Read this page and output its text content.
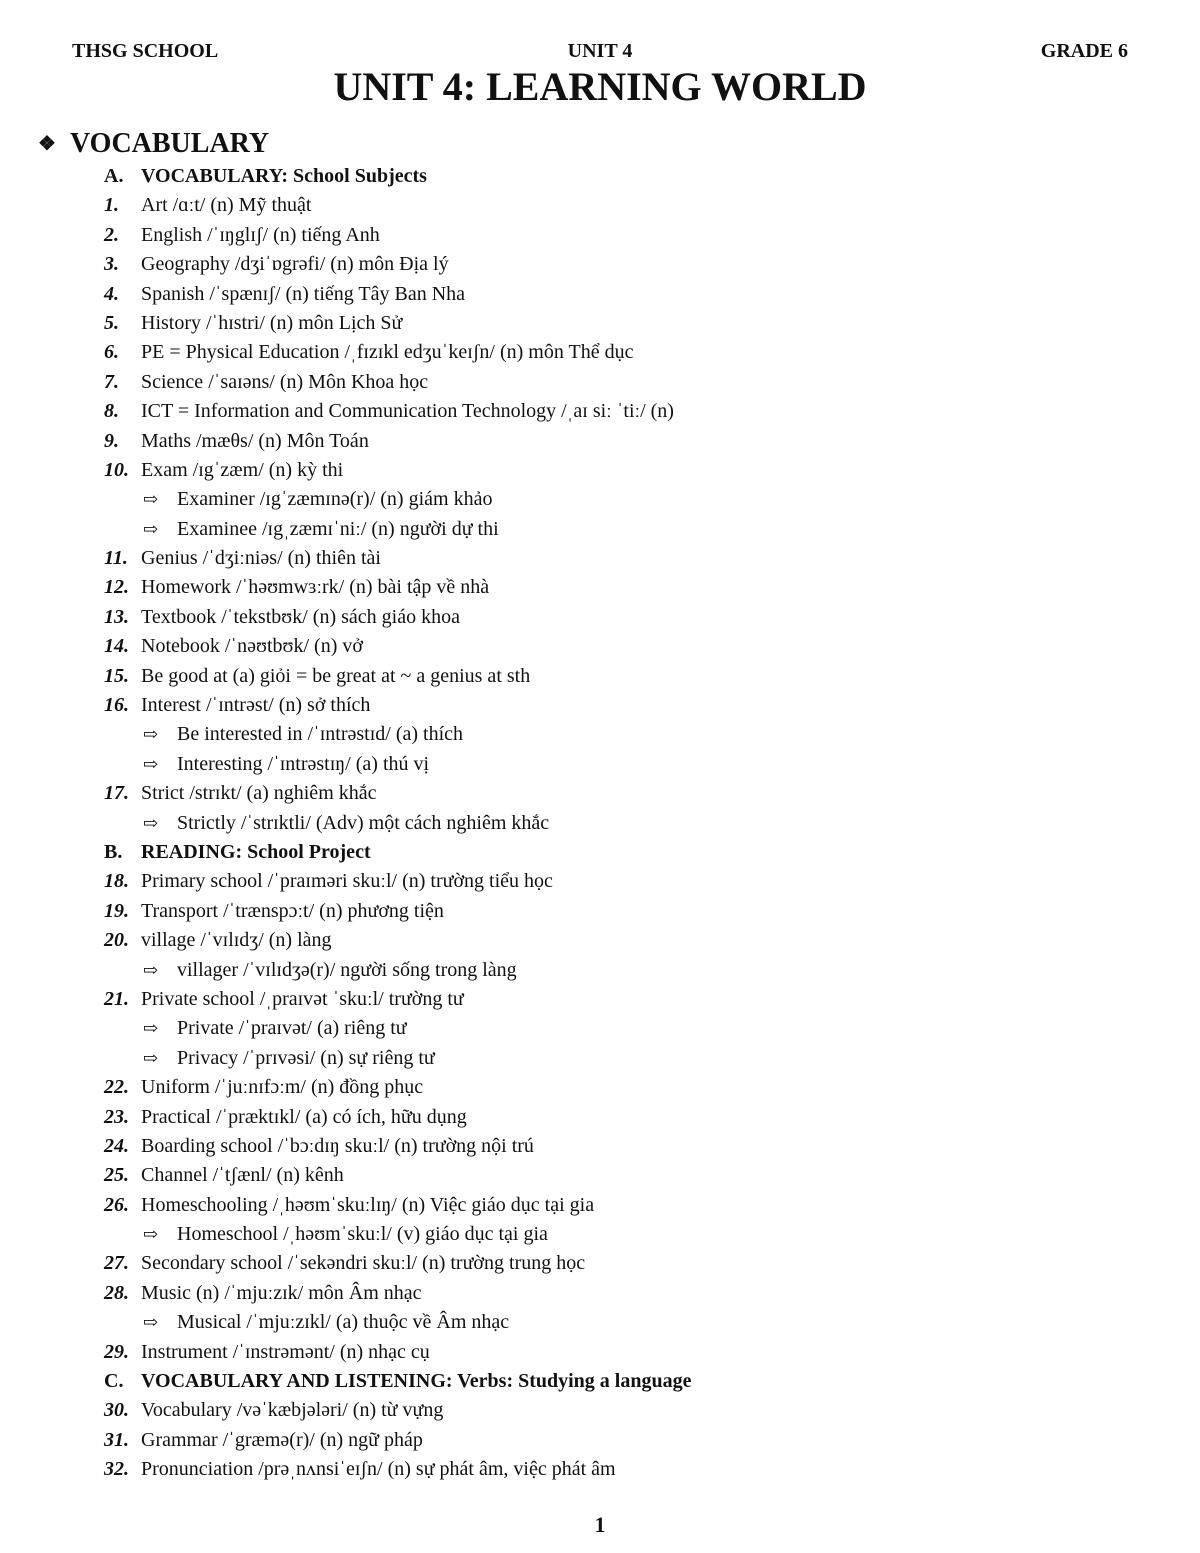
THSG SCHOOL	UNIT 4	GRADE 6
UNIT 4: LEARNING WORLD
❖ VOCABULARY
A. VOCABULARY: School Subjects
1.	Art /ɑːt/ (n) Mỹ thuật
2.	English /ˈɪŋglɪʃ/ (n) tiếng Anh
3.	Geography /dʒiˈɒgrəfi/ (n) môn Địa lý
4.	Spanish /ˈspænɪʃ/ (n) tiếng Tây Ban Nha
5.	History /ˈhɪstri/ (n) môn Lịch Sử
6.	PE = Physical Education /ˌfɪzɪkl edʒuˈkeɪʃn/ (n) môn Thể dục
7.	Science /ˈsaɪəns/ (n) Môn Khoa học
8.	ICT = Information and Communication Technology /ˌaɪ siː ˈtiː/ (n)
9.	Maths /mæθs/ (n) Môn Toán
10. Exam /ɪgˈzæm/ (n) kỳ thi
⇨ Examiner /ɪgˈzæmɪnə(r)/ (n) giám khảo
⇨ Examinee /ɪgˌzæmɪˈniː/ (n) người dự thi
11. Genius /ˈdʒiːniəs/ (n) thiên tài
12. Homework /ˈhəʊmwɜːrk/ (n) bài tập về nhà
13. Textbook /ˈtekstbʊk/ (n) sách giáo khoa
14. Notebook /ˈnəʊtbʊk/ (n) vở
15. Be good at (a) giỏi = be great at ~ a genius at sth
16. Interest /ˈɪntrəst/ (n) sở thích
⇨ Be interested in /ˈɪntrəstɪd/ (a) thích
⇨ Interesting /ˈɪntrəstɪŋ/ (a) thú vị
17. Strict /strɪkt/ (a) nghiêm khắc
⇨ Strictly /ˈstrɪktli/ (Adv) một cách nghiêm khắc
B. READING: School Project
18. Primary school /ˈpraɪməri skuːl/ (n) trường tiểu học
19. Transport /ˈtrænspɔːt/ (n) phương tiện
20. village /ˈvɪlɪdʒ/ (n) làng
⇨ villager /ˈvɪlɪdʒə(r)/ người sống trong làng
21. Private school /ˌpraɪvət ˈskuːl/ trường tư
⇨ Private /ˈpraɪvət/ (a) riêng tư
⇨ Privacy /ˈprɪvəsi/ (n) sự riêng tư
22. Uniform /ˈjuːnɪfɔːm/ (n) đồng phục
23. Practical /ˈpræktɪkl/ (a) có ích, hữu dụng
24. Boarding school /ˈbɔːdɪŋ skuːl/ (n) trường nội trú
25. Channel /ˈtʃænl/ (n) kênh
26. Homeschooling /ˌhəʊmˈskuːlɪŋ/ (n) Việc giáo dục tại gia
⇨ Homeschool /ˌhəʊmˈskuːl/ (v) giáo dục tại gia
27. Secondary school /ˈsekəndri skuːl/ (n) trường trung học
28. Music (n) /ˈmjuːzɪk/ môn Âm nhạc
⇨ Musical /ˈmjuːzɪkl/ (a) thuộc về Âm nhạc
29. Instrument /ˈɪnstrəmənt/ (n) nhạc cụ
C. VOCABULARY AND LISTENING: Verbs: Studying a language
30. Vocabulary /vəˈkæbjələri/ (n) từ vựng
31. Grammar /ˈgræmə(r)/ (n) ngữ pháp
32. Pronunciation /prəˌnʌnsiˈeɪʃn/ (n) sự phát âm, việc phát âm
1
